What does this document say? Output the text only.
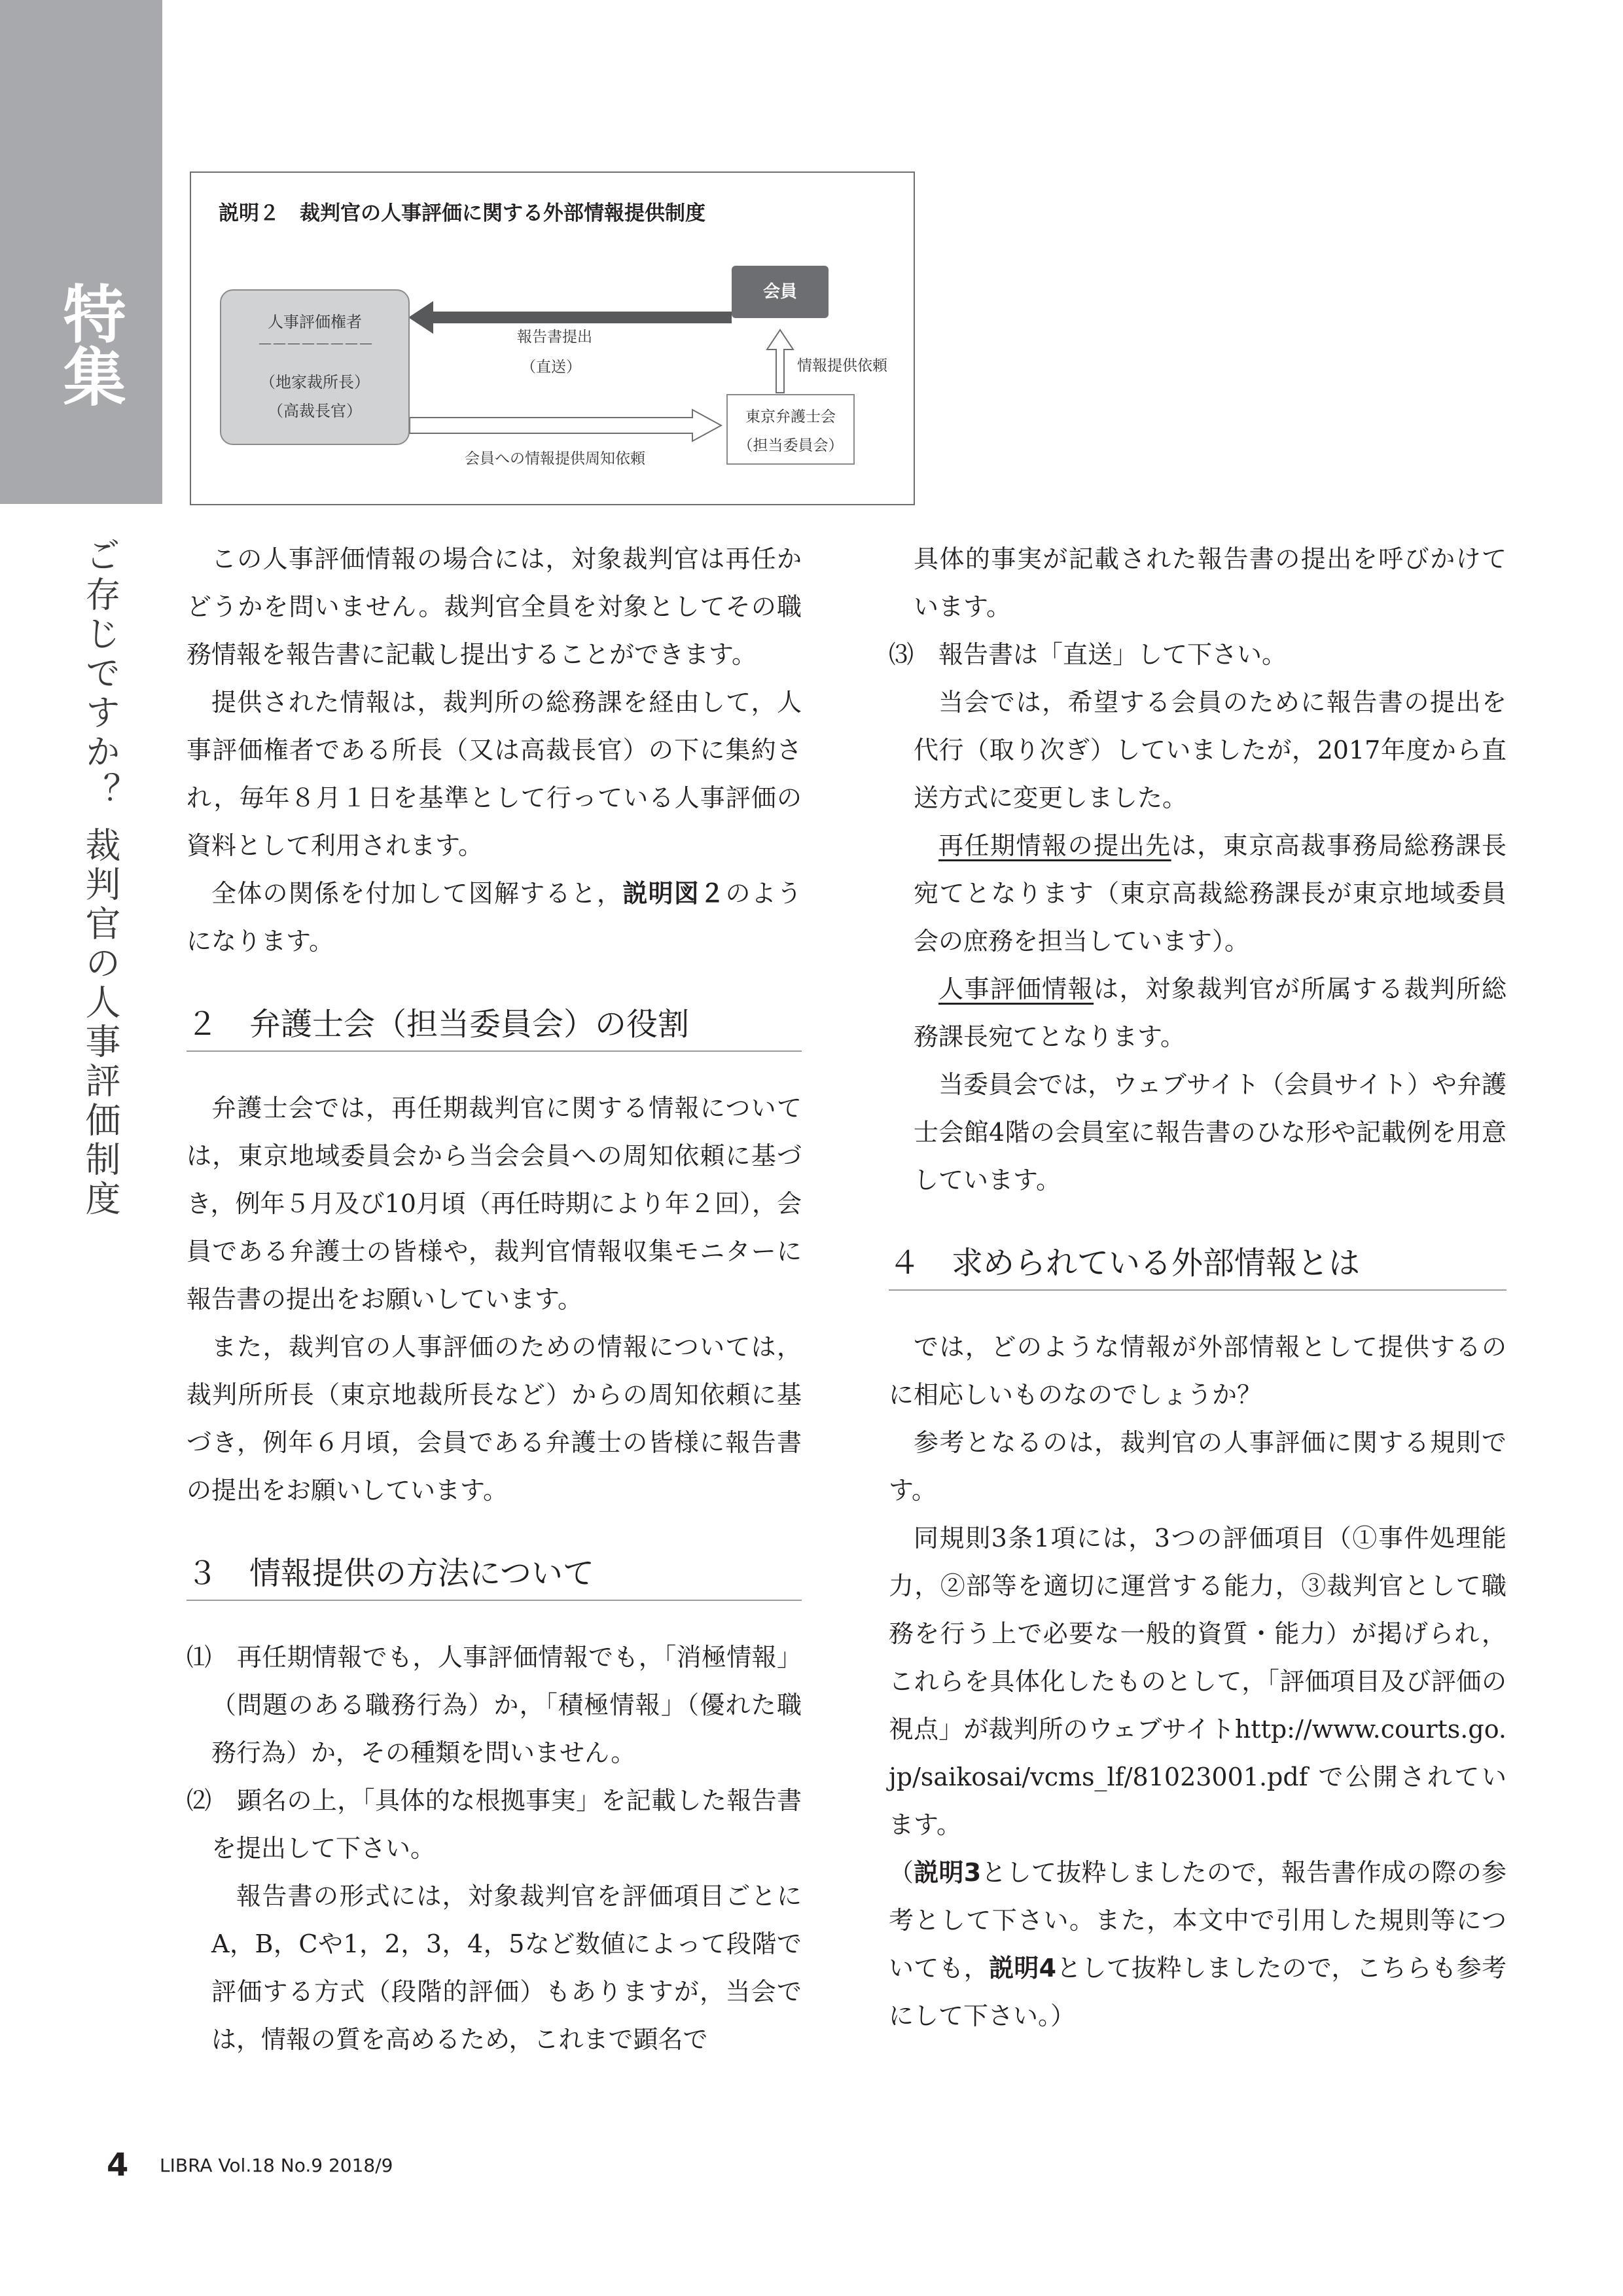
特集
ご存じですか？ 裁判官の人事評価制度
説明２　裁判官の人事評価に関する外部情報提供制度
人事評価権者
－－－－－－－－
（地家裁所長）
（高裁長官）
会員
東京弁護士会
（担当委員会）
報告書提出
（直送）	情報提供依頼
会員への情報提供周知依頼

この人事評価情報の場合には，対象裁判官は再任かどうかを問いません。裁判官全員を対象としてその職務情報を報告書に記載し提出することができます。

提供された情報は，裁判所の総務課を経由して，人事評価権者である所長（又は高裁長官）の下に集約され，毎年８月１日を基準として行っている人事評価の資料として利用されます。

全体の関係を付加して図解すると，説明図２のようになります。

２　弁護士会（担当委員会）の役割

弁護士会では，再任期裁判官に関する情報については，東京地域委員会から当会会員への周知依頼に基づき，例年５月及び10月頃（再任時期により年２回），会員である弁護士の皆様や，裁判官情報収集モニターに報告書の提出をお願いしています。

また，裁判官の人事評価のための情報については，裁判所所長（東京地裁所長など）からの周知依頼に基づき，例年６月頃，会員である弁護士の皆様に報告書の提出をお願いしています。

３　情報提供の方法について

⑴　再任期情報でも，人事評価情報でも，「消極情報」（問題のある職務行為）か，「積極情報」（優れた職務行為）か，その種類を問いません。

⑵　顕名の上，「具体的な根拠事実」を記載した報告書を提出して下さい。

報告書の形式には，対象裁判官を評価項目ごとにA，B，Cや1，2，3，4，5など数値によって段階で評価する方式（段階的評価）もありますが，当会では，情報の質を高めるため，これまで顕名で

具体的事実が記載された報告書の提出を呼びかけています。

⑶　報告書は「直送」して下さい。

当会では，希望する会員のために報告書の提出を代行（取り次ぎ）していましたが，2017年度から直送方式に変更しました。

再任期情報の提出先は，東京高裁事務局総務課長宛てとなります（東京高裁総務課長が東京地域委員会の庶務を担当しています）。

人事評価情報は，対象裁判官が所属する裁判所総務課長宛てとなります。

当委員会では，ウェブサイト（会員サイト）や弁護士会館4階の会員室に報告書のひな形や記載例を用意しています。

４　求められている外部情報とは

では，どのような情報が外部情報として提供するのに相応しいものなのでしょうか？

参考となるのは，裁判官の人事評価に関する規則です。

同規則3条1項には，3つの評価項目（①事件処理能力，②部等を適切に運営する能力，③裁判官として職務を行う上で必要な一般的資質・能力）が掲げられ，これらを具体化したものとして，「評価項目及び評価の視点」が裁判所のウェブサイトhttp://www.courts.go.jp/saikosai/vcms_lf/81023001.pdf で公開されています。

（説明3として抜粋しましたので，報告書作成の際の参考として下さい。また，本文中で引用した規則等についても，説明4として抜粋しましたので，こちらも参考にして下さい。）

4 LIBRA Vol.18 No.9 2018/9
